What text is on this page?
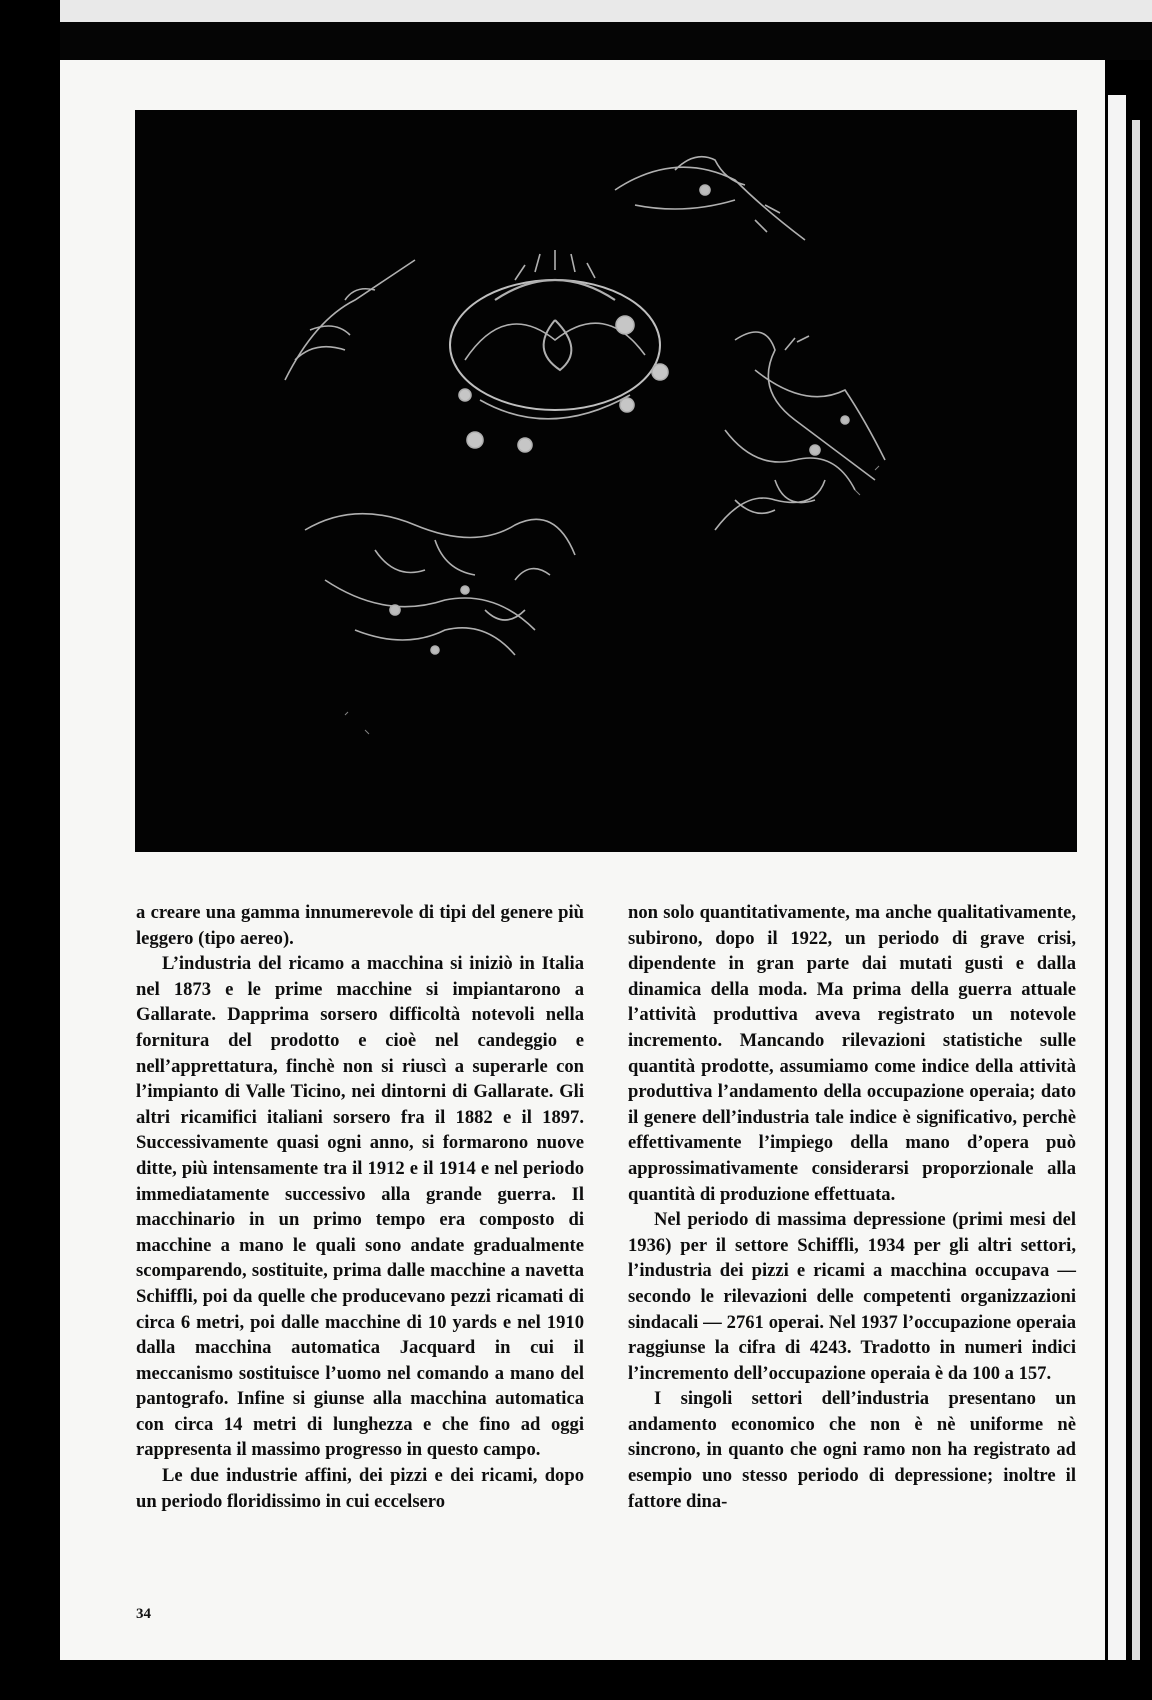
a creare una gamma innumerevole di tipi del genere più leggero (tipo aereo).

L’industria del ricamo a macchina si iniziò in Italia nel 1873 e le prime macchine si impiantarono a Gallarate. Dapprima sorsero difficoltà notevoli nella fornitura del prodotto e cioè nel candeggio e nell’apprettatura, finchè non si riuscì a superarle con l’impianto di Valle Ticino, nei dintorni di Gallarate. Gli altri ricamifici italiani sorsero fra il 1882 e il 1897. Successivamente quasi ogni anno, si formarono nuove ditte, più intensamente tra il 1912 e il 1914 e nel periodo immediatamente successivo alla grande guerra. Il macchinario in un primo tempo era composto di macchine a mano le quali sono andate gradualmente scomparendo, sostituite, prima dalle macchine a navetta Schiffli, poi da quelle che producevano pezzi ricamati di circa 6 metri, poi dalle macchine di 10 yards e nel 1910 dalla macchina automatica Jacquard in cui il meccanismo sostituisce l’uomo nel comando a mano del pantografo. Infine si giunse alla macchina automatica con circa 14 metri di lunghezza e che fino ad oggi rappresenta il massimo progresso in questo campo.

Le due industrie affini, dei pizzi e dei ricami, dopo un periodo floridissimo in cui eccelsero

non solo quantitativamente, ma anche qualitativamente, subirono, dopo il 1922, un periodo di grave crisi, dipendente in gran parte dai mutati gusti e dalla dinamica della moda. Ma prima della guerra attuale l’attività produttiva aveva registrato un notevole incremento. Mancando rilevazioni statistiche sulle quantità prodotte, assumiamo come indice della attività produttiva l’andamento della occupazione operaia; dato il genere dell’industria tale indice è significativo, perchè effettivamente l’impiego della mano d’opera può approssimativamente considerarsi proporzionale alla quantità di produzione effettuata.

Nel periodo di massima depressione (primi mesi del 1936) per il settore Schiffli, 1934 per gli altri settori, l’industria dei pizzi e ricami a macchina occupava — secondo le rilevazioni delle competenti organizzazioni sindacali — 2761 operai. Nel 1937 l’occupazione operaia raggiunse la cifra di 4243. Tradotto in numeri indici l’incremento dell’occupazione operaia è da 100 a 157.

I singoli settori dell’industria presentano un andamento economico che non è nè uniforme nè sincrono, in quanto che ogni ramo non ha registrato ad esempio uno stesso periodo di depressione; inoltre il fattore dina-

34
